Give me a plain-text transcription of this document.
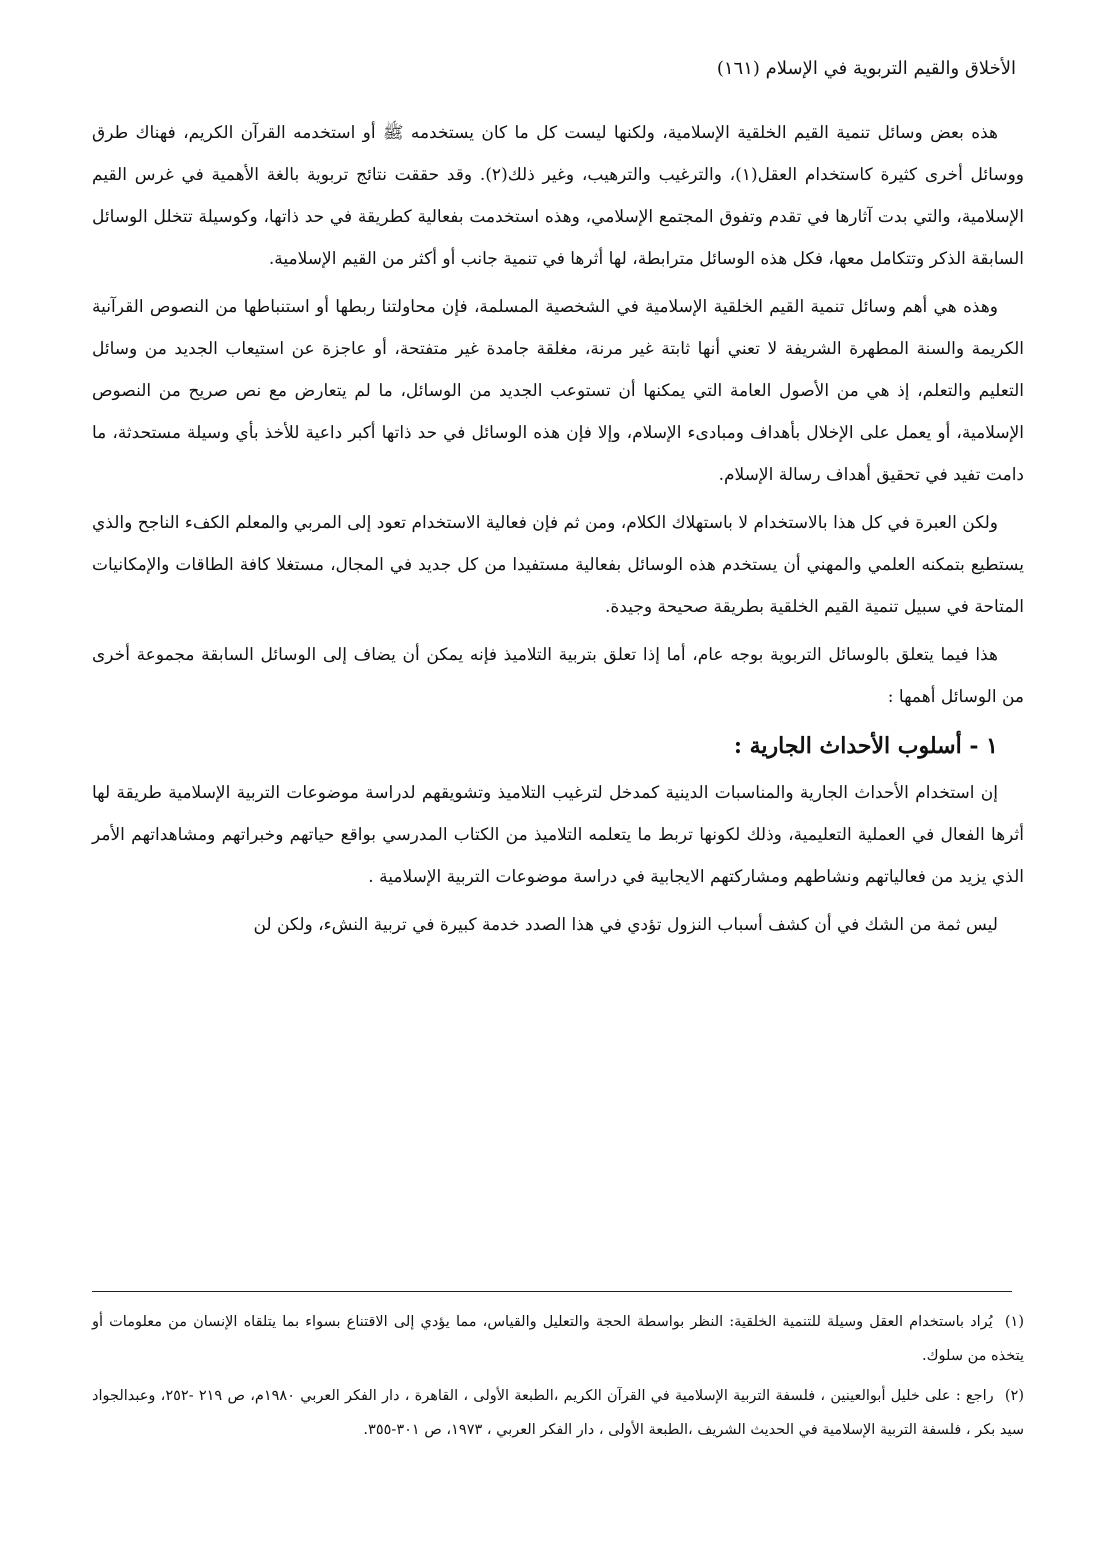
الأخلاق والقيم التربوية في الإسلام (١٦١)

هذه بعض وسائل تنمية القيم الخلقية الإسلامية، ولكنها ليست كل ما كان يستخدمه ﷺ أو استخدمه القرآن الكريم، فهناك طرق ووسائل أخرى كثيرة كاستخدام العقل(١)، والترغيب والترهيب، وغير ذلك(٢). وقد حققت نتائج تربوية بالغة الأهمية في غرس القيم الإسلامية، والتي بدت آثارها في تقدم وتفوق المجتمع الإسلامي، وهذه استخدمت بفعالية كطريقة في حد ذاتها، وكوسيلة تتخلل الوسائل السابقة الذكر وتتكامل معها، فكل هذه الوسائل مترابطة، لها أثرها في تنمية جانب أو أكثر من القيم الإسلامية.

وهذه هي أهم وسائل تنمية القيم الخلقية الإسلامية في الشخصية المسلمة، فإن محاولتنا ربطها أو استنباطها من النصوص القرآنية الكريمة والسنة المطهرة الشريفة لا تعني أنها ثابتة غير مرنة، مغلقة جامدة غير متفتحة، أو عاجزة عن استيعاب الجديد من وسائل التعليم والتعلم، إذ هي من الأصول العامة التي يمكنها أن تستوعب الجديد من الوسائل، ما لم يتعارض مع نص صريح من النصوص الإسلامية، أو يعمل على الإخلال بأهداف ومبادىء الإسلام، وإلا فإن هذه الوسائل في حد ذاتها أكبر داعية للأخذ بأي وسيلة مستحدثة، ما دامت تفيد في تحقيق أهداف رسالة الإسلام.

ولكن العبرة في كل هذا بالاستخدام لا باستهلاك الكلام، ومن ثم فإن فعالية الاستخدام تعود إلى المربي والمعلم الكفء الناجح والذي يستطيع بتمكنه العلمي والمهني أن يستخدم هذه الوسائل بفعالية مستفيدا من كل جديد في المجال، مستغلا كافة الطاقات والإمكانيات المتاحة في سبيل تنمية القيم الخلقية بطريقة صحيحة وجيدة.

هذا فيما يتعلق بالوسائل التربوية بوجه عام، أما إذا تعلق بتربية التلاميذ فإنه يمكن أن يضاف إلى الوسائل السابقة مجموعة أخرى من الوسائل أهمها :

١ - أسلوب الأحداث الجارية :

إن استخدام الأحداث الجارية والمناسبات الدينية كمدخل لترغيب التلاميذ وتشويقهم لدراسة موضوعات التربية الإسلامية طريقة لها أثرها الفعال في العملية التعليمية، وذلك لكونها تربط ما يتعلمه التلاميذ من الكتاب المدرسي بواقع حياتهم وخبراتهم ومشاهداتهم الأمر الذي يزيد من فعالياتهم ونشاطهم ومشاركتهم الايجابية في دراسة موضوعات التربية الإسلامية .

ليس ثمة من الشك في أن كشف أسباب النزول تؤدي في هذا الصدد خدمة كبيرة في تربية النشء، ولكن لن

(١) يُراد باستخدام العقل وسيلة للتنمية الخلقية: النظر بواسطة الحجة والتعليل والقياس، مما يؤدي إلى الاقتناع بسواء بما يتلقاه الإنسان من معلومات أو يتخذه من سلوك.

(٢) راجع : على خليل أبوالعينين ، فلسفة التربية الإسلامية في القرآن الكريم ،الطبعة الأولى ، القاهرة ، دار الفكر العربي ١٩٨٠م، ص ٢١٩ -٢٥٢، وعبدالجواد سيد بكر ، فلسفة التربية الإسلامية في الحديث الشريف ،الطبعة الأولى ، دار الفكر العربي ، ١٩٧٣، ص ٣٠١-٣٥٥.
